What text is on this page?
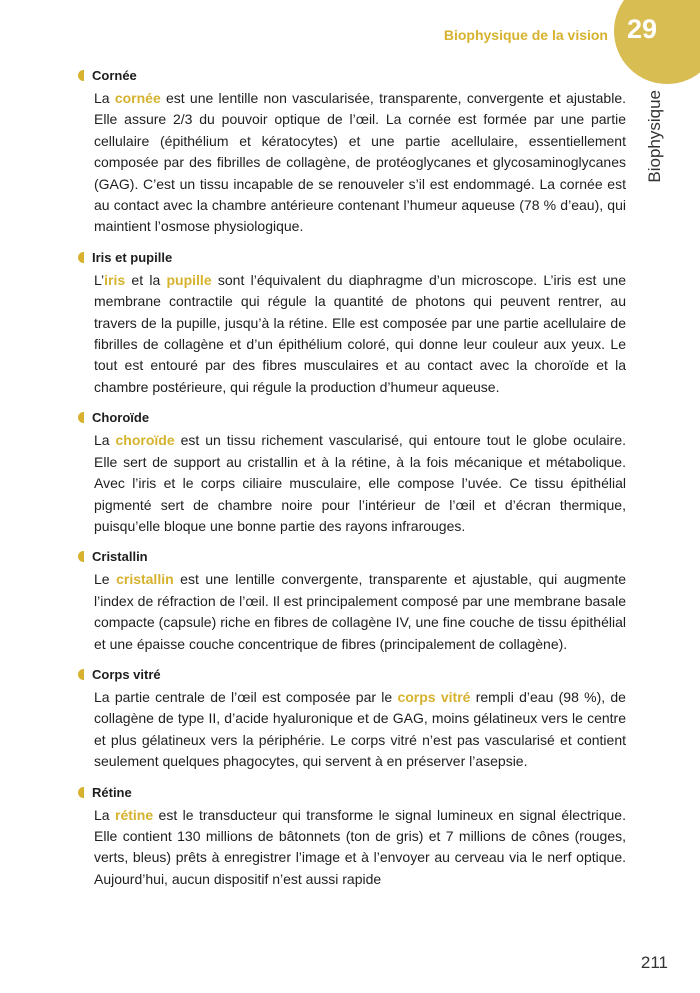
29
Biophysique de la vision
Biophysique
Cornée
La cornée est une lentille non vascularisée, transparente, convergente et ajustable. Elle assure 2/3 du pouvoir optique de l’œil. La cornée est formée par une partie cellulaire (épithélium et kératocytes) et une partie acellulaire, essentiellement composée par des fibrilles de collagène, de protéoglycanes et glycosaminoglycanes (GAG). C’est un tissu incapable de se renouveler s’il est endommagé. La cornée est au contact avec la chambre antérieure contenant l’humeur aqueuse (78 % d’eau), qui maintient l’osmose physiologique.
Iris et pupille
L’iris et la pupille sont l’équivalent du diaphragme d’un microscope. L’iris est une membrane contractile qui régule la quantité de photons qui peuvent rentrer, au travers de la pupille, jusqu’à la rétine. Elle est composée par une partie acellulaire de fibrilles de collagène et d’un épithélium coloré, qui donne leur couleur aux yeux. Le tout est entouré par des fibres musculaires et au contact avec la choroïde et la chambre postérieure, qui régule la production d’humeur aqueuse.
Choroïde
La choroïde est un tissu richement vascularisé, qui entoure tout le globe oculaire. Elle sert de support au cristallin et à la rétine, à la fois mécanique et métabolique. Avec l’iris et le corps ciliaire musculaire, elle compose l’uvée. Ce tissu épithélial pigmenté sert de chambre noire pour l’intérieur de l’œil et d’écran thermique, puisqu’elle bloque une bonne partie des rayons infrarouges.
Cristallin
Le cristallin est une lentille convergente, transparente et ajustable, qui augmente l’index de réfraction de l’œil. Il est principalement composé par une membrane basale compacte (capsule) riche en fibres de collagène IV, une fine couche de tissu épithélial et une épaisse couche concentrique de fibres (principalement de collagène).
Corps vitré
La partie centrale de l’œil est composée par le corps vitré rempli d’eau (98 %), de collagène de type II, d’acide hyaluronique et de GAG, moins gélatineux vers le centre et plus gélatineux vers la périphérie. Le corps vitré n’est pas vascularisé et contient seulement quelques phagocytes, qui servent à en préserver l’asepsie.
Rétine
La rétine est le transducteur qui transforme le signal lumineux en signal électrique. Elle contient 130 millions de bâtonnets (ton de gris) et 7 millions de cônes (rouges, verts, bleus) prêts à enregistrer l’image et à l’envoyer au cerveau via le nerf optique. Aujourd’hui, aucun dispositif n’est aussi rapide
211
